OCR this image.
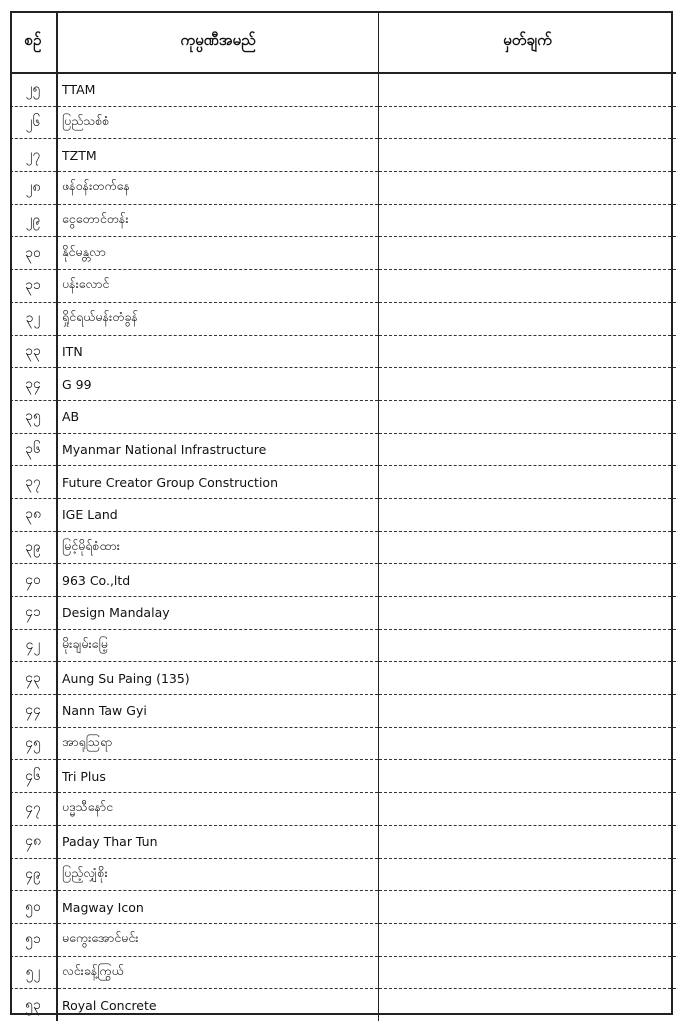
စဉ်	ကုမ္ပဏီအမည်	မှတ်ချက်
၂၅	TTAM	
၂၆	ပြည်သစ်စံ	
၂၇	TZTM	
၂၈	ဖန်ဝန်းတက်နေ	
၂၉	ငွေတောင်တန်း	
၃၀	နိုင်မန္တလာ	
၃၁	ပန်းလောင်	
၃၂	ရှိုင်ရယ်မန်းတံခွန်	
၃၃	ITN	
၃၄	G 99	
၃၅	AB	
၃၆	Myanmar National Infrastructure	
၃၇	Future Creator Group Construction	
၃၈	IGE Land	
၃၉	မြင့်မိုရ်စံထား	
၄၀	963 Co.,ltd	
၄၁	Design Mandalay	
၄၂	မိုးချမ်းမြေ့	
၄၃	Aung Su Paing (135)	
၄၄	Nann Taw Gyi	
၄၅	အာရုသြရာ	
၄၆	Tri Plus	
၄၇	ပဒ္မသီနော်င	
၄၈	Paday Thar Tun	
၄၉	ပြည့်လျှံစိုး	
၅၀	Magway Icon	
၅၁	မကွေးအောင်မင်း	
၅၂	လင်းခန့်ကြွယ်	
၅၃	Royal Concrete	
